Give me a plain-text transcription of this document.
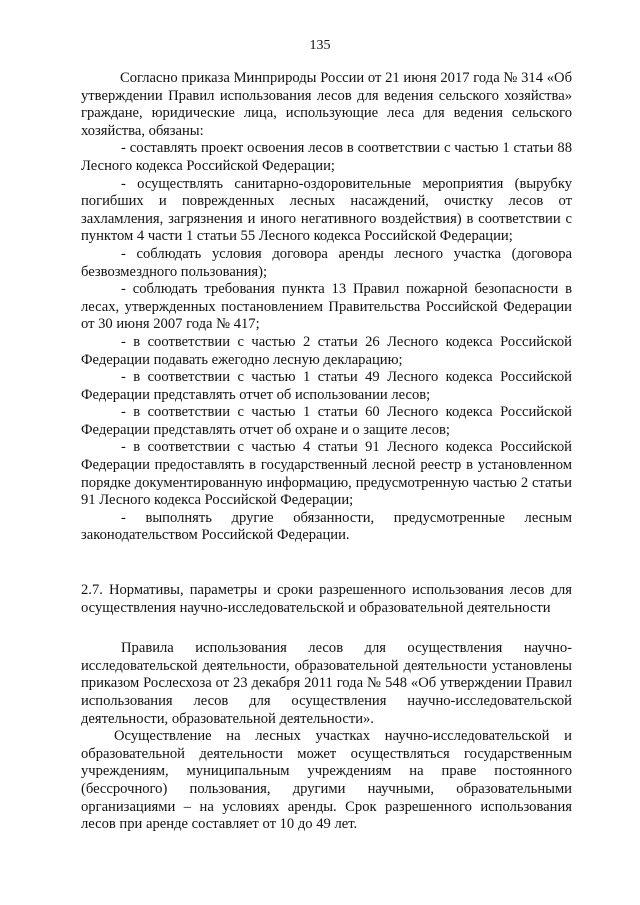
135

Согласно приказа Минприроды России от 21 июня 2017 года № 314 «Об утверждении Правил использования лесов для ведения сельского хозяйства» граждане, юридические лица, использующие леса для ведения сельского хозяйства, обязаны:

- составлять проект освоения лесов в соответствии с частью 1 статьи 88 Лесного кодекса Российской Федерации;

- осуществлять санитарно-оздоровительные мероприятия (вырубку погибших и поврежденных лесных насаждений, очистку лесов от захламления, загрязнения и иного негативного воздействия) в соответствии с пунктом 4 части 1 статьи 55 Лесного кодекса Российской Федерации;

- соблюдать условия договора аренды лесного участка (договора безвозмездного пользования);

- соблюдать требования пункта 13 Правил пожарной безопасности в лесах, утвержденных постановлением Правительства Российской Федерации от 30 июня 2007 года № 417;

- в соответствии с частью 2 статьи 26 Лесного кодекса Российской Федерации подавать ежегодно лесную декларацию;

- в соответствии с частью 1 статьи 49 Лесного кодекса Российской Федерации представлять отчет об использовании лесов;

- в соответствии с частью 1 статьи 60 Лесного кодекса Российской Федерации представлять отчет об охране и о защите лесов;

- в соответствии с частью 4 статьи 91 Лесного кодекса Российской Федерации предоставлять в государственный лесной реестр в установленном порядке документированную информацию, предусмотренную частью 2 статьи 91 Лесного кодекса Российской Федерации;

- выполнять другие обязанности, предусмотренные лесным законодательством Российской Федерации.

2.7. Нормативы, параметры и сроки разрешенного использования лесов для осуществления научно-исследовательской и образовательной деятельности

Правила использования лесов для осуществления научно-исследовательской деятельности, образовательной деятельности установлены приказом Рослесхоза от 23 декабря 2011 года № 548 «Об утверждении Правил использования лесов для осуществления научно-исследовательской деятельности, образовательной деятельности».

Осуществление на лесных участках научно-исследовательской и образовательной деятельности может осуществляться государственным учреждениям, муниципальным учреждениям на праве постоянного (бессрочного) пользования, другими научными, образовательными организациями – на условиях аренды. Срок разрешенного использования лесов при аренде составляет от 10 до 49 лет.
